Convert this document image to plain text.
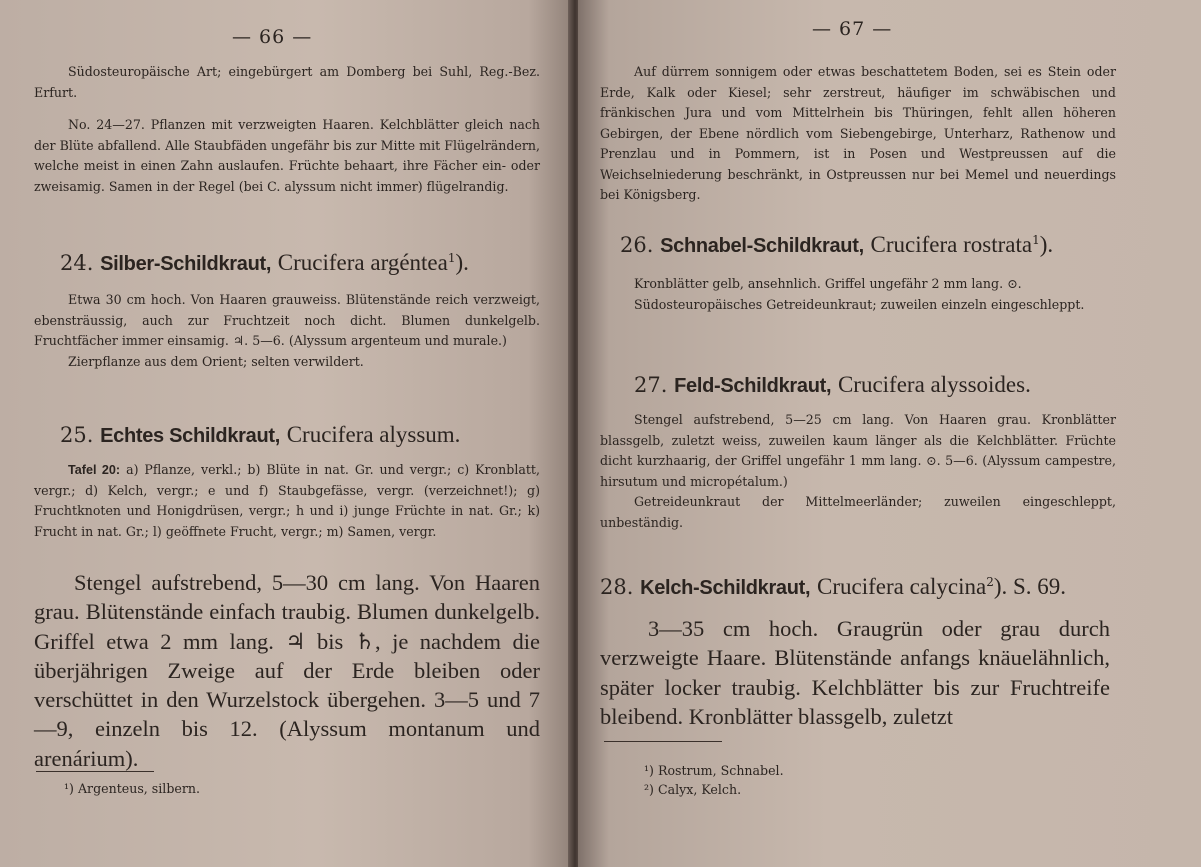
— 66 —

Südosteuropäische Art; eingebürgert am Domberg bei Suhl, Reg.-Bez. Erfurt.

No. 24—27. Pflanzen mit verzweigten Haaren. Kelchblätter gleich nach der Blüte abfallend. Alle Staubfäden ungefähr bis zur Mitte mit Flügelrändern, welche meist in einen Zahn auslaufen. Früchte behaart, ihre Fächer ein- oder zweisamig. Samen in der Regel (bei C. alyssum nicht immer) flügelrandig.

24. Silber-Schildkraut, Crucifera argéntea$^1$).

Etwa 30 cm hoch. Von Haaren grauweiss. Blütenstände reich verzweigt, ebensträussig, auch zur Fruchtzeit noch dicht. Blumen dunkelgelb. Fruchtfächer immer einsamig. ♃. 5—6. (Alyssum argenteum und murale.)

Zierpflanze aus dem Orient; selten verwildert.

25. Echtes Schildkraut, Crucifera alyssum.

Tafel 20: a) Pflanze, verkl.; b) Blüte in nat. Gr. und vergr.; c) Kronblatt, vergr.; d) Kelch, vergr.; e und f) Staubgefässe, vergr. (verzeichnet!); g) Fruchtknoten und Honigdrüsen, vergr.; h und i) junge Früchte in nat. Gr.; k) Frucht in nat. Gr.; l) geöffnete Frucht, vergr.; m) Samen, vergr.

Stengel aufstrebend, 5—30 cm lang. Von Haaren grau. Blütenstände einfach traubig. Blumen dunkelgelb. Griffel etwa 2 mm lang. ♃ bis ♄, je nachdem die überjährigen Zweige auf der Erde bleiben oder verschüttet in den Wurzelstock übergehen. 3—5 und 7—9, einzeln bis 12. (Alyssum montanum und arenárium).

¹) Argenteus, silbern.
— 67 —

Auf dürrem sonnigem oder etwas beschattetem Boden, sei es Stein oder Erde, Kalk oder Kiesel; sehr zerstreut, häufiger im schwäbischen und fränkischen Jura und vom Mittelrhein bis Thüringen, fehlt allen höheren Gebirgen, der Ebene nördlich vom Siebengebirge, Unterharz, Rathenow und Prenzlau und in Pommern, ist in Posen und Westpreussen auf die Weichselniederung beschränkt, in Ostpreussen nur bei Memel und neuerdings bei Königsberg.

26. Schnabel-Schildkraut, Crucifera rostrata$^1$).

Kronblätter gelb, ansehnlich. Griffel ungefähr 2 mm lang. ⊙.

Südosteuropäisches Getreideunkraut; zuweilen einzeln eingeschleppt.

27. Feld-Schildkraut, Crucifera alyssoides.

Stengel aufstrebend, 5—25 cm lang. Von Haaren grau. Kronblätter blassgelb, zuletzt weiss, zuweilen kaum länger als die Kelchblätter. Früchte dicht kurzhaarig, der Griffel ungefähr 1 mm lang. ⊙. 5—6. (Alyssum campestre, hirsutum und micropétalum.)

Getreideunkraut der Mittelmeerländer; zuweilen eingeschleppt, unbeständig.

28. Kelch-Schildkraut, Crucifera calycina$^2$). S. 69.

3—35 cm hoch. Graugrün oder grau durch verzweigte Haare. Blütenstände anfangs knäuelähnlich, später locker traubig. Kelchblätter bis zur Fruchtreife bleibend. Kronblätter blassgelb, zuletzt

¹) Rostrum, Schnabel.
²) Calyx, Kelch.
